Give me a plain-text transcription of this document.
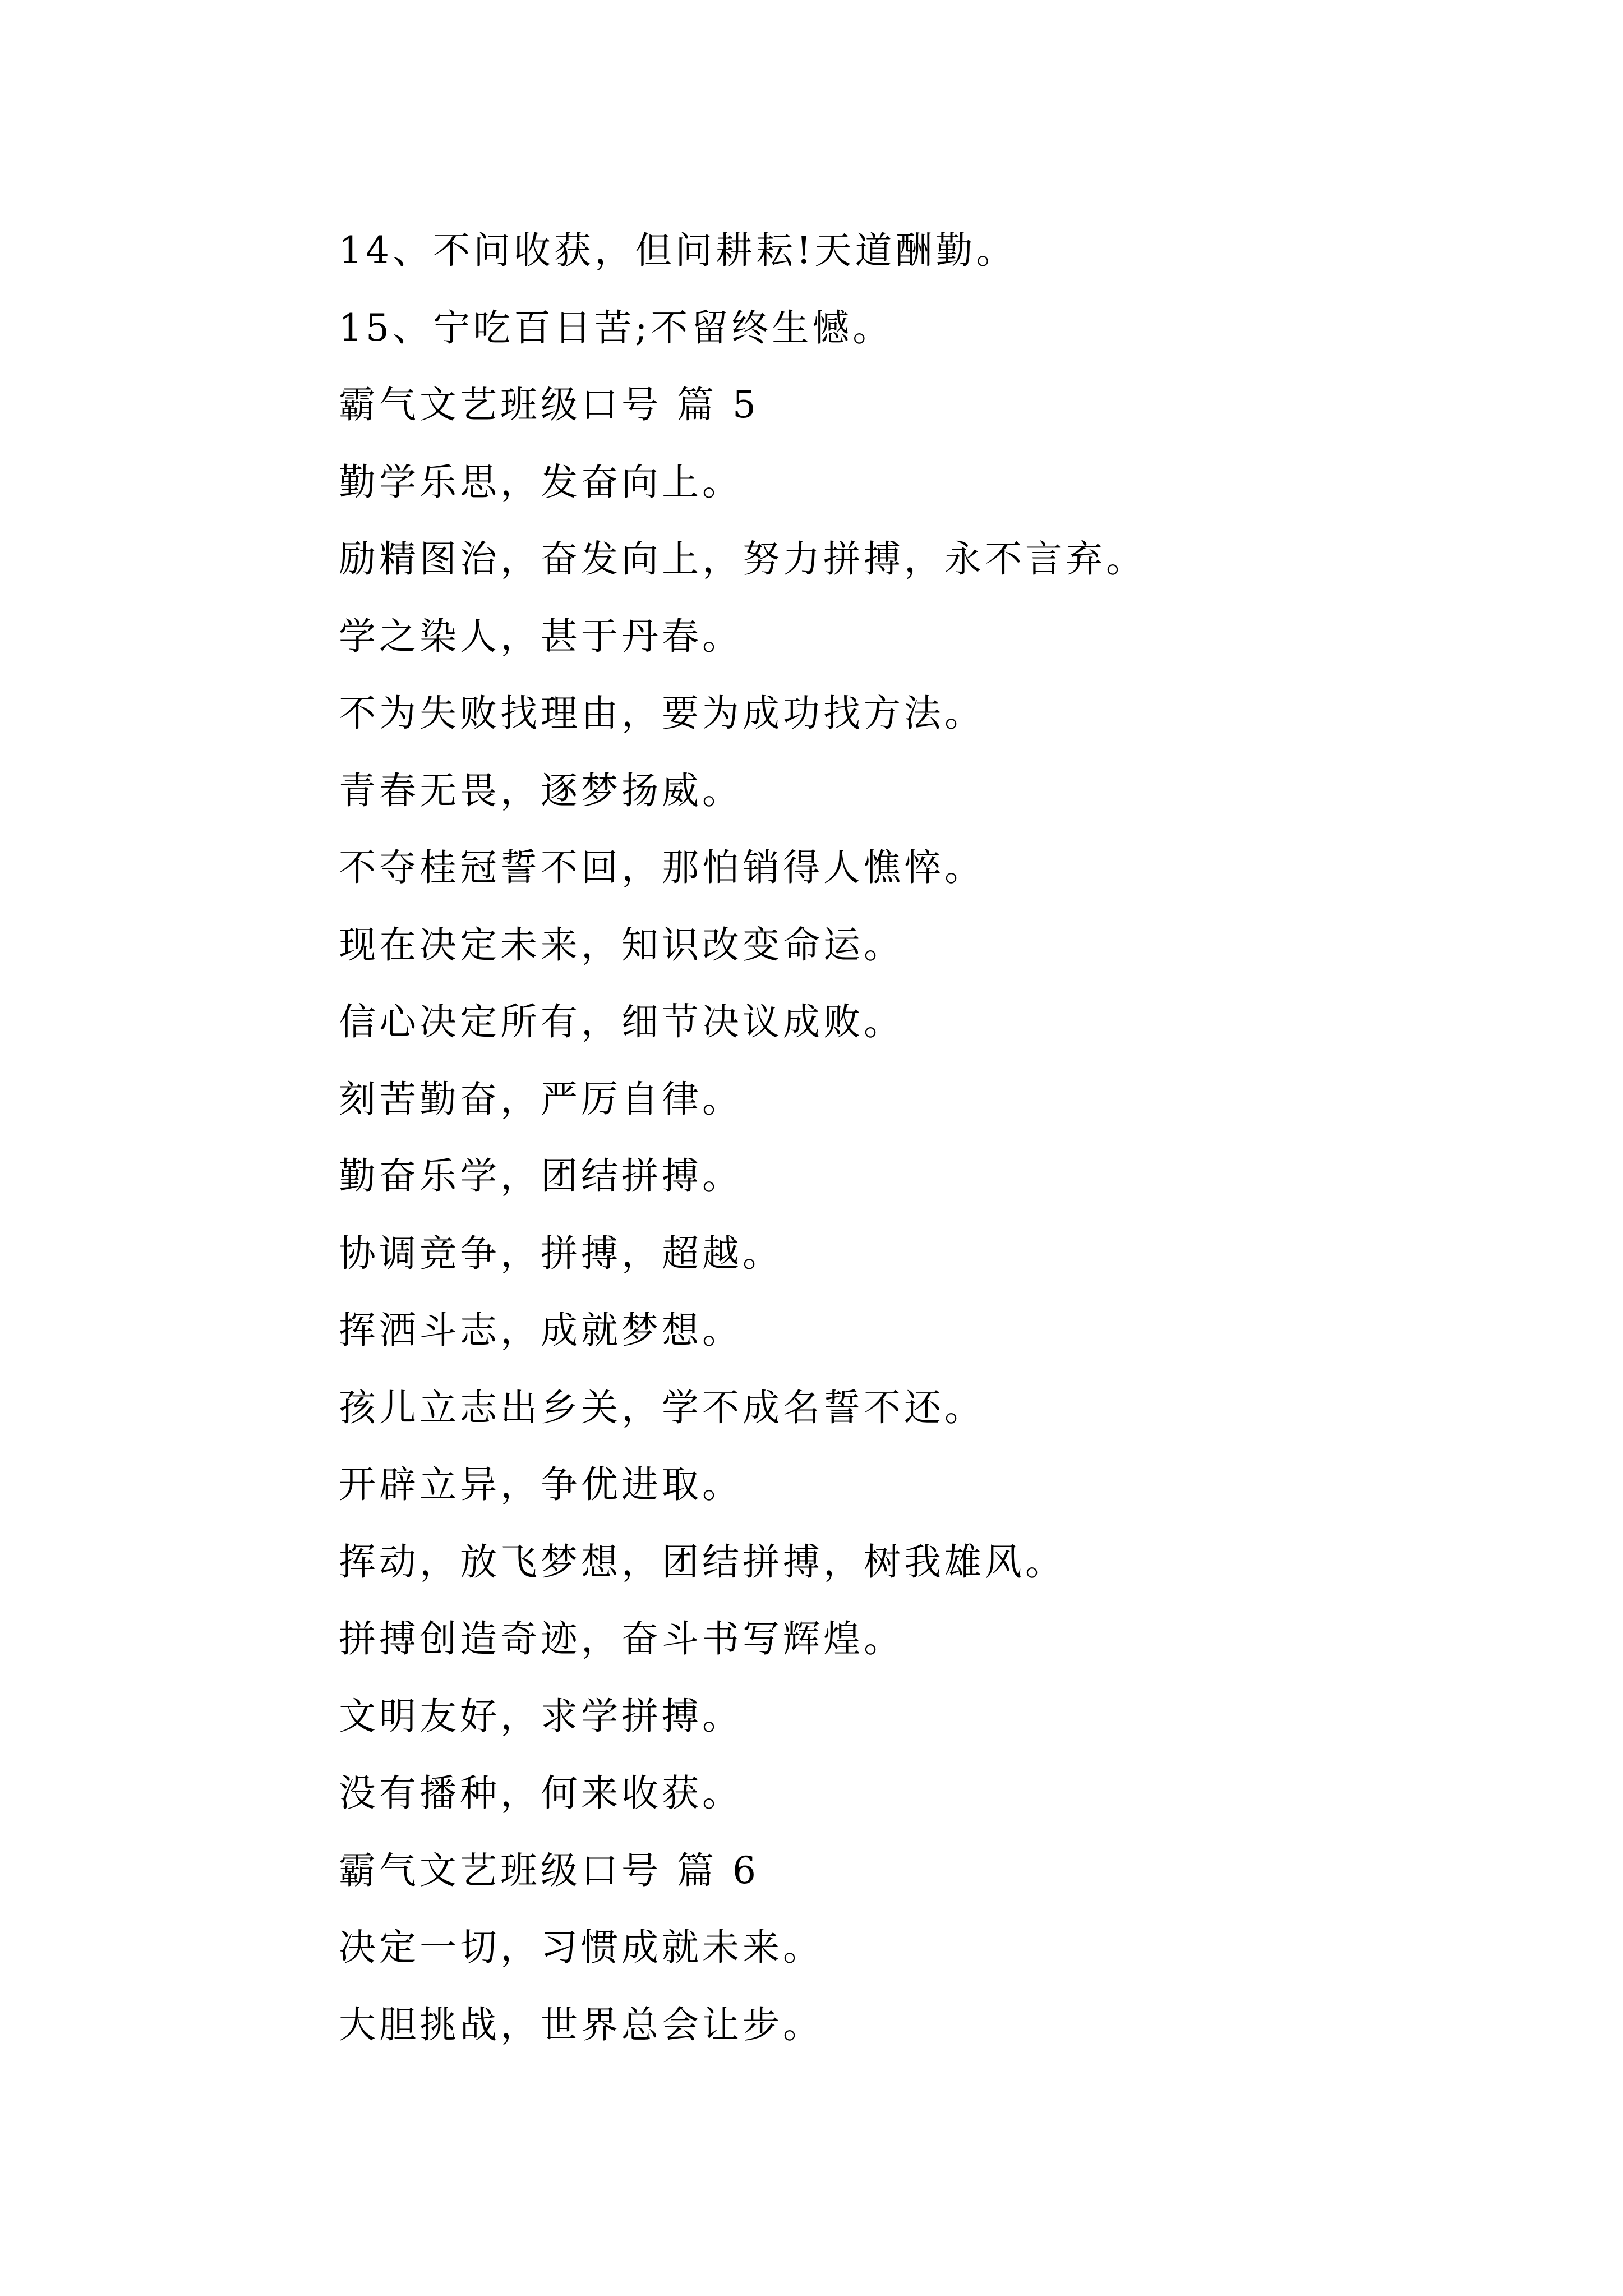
14、不问收获，但问耕耘!天道酬勤。
15、宁吃百日苦;不留终生憾。
霸气文艺班级口号 篇 5
勤学乐思，发奋向上。
励精图治，奋发向上，努力拼搏，永不言弃。
学之染人，甚于丹春。
不为失败找理由，要为成功找方法。
青春无畏，逐梦扬威。
不夺桂冠誓不回，那怕销得人憔悴。
现在决定未来，知识改变命运。
信心决定所有，细节决议成败。
刻苦勤奋，严厉自律。
勤奋乐学，团结拼搏。
协调竞争，拼搏，超越。
挥洒斗志，成就梦想。
孩儿立志出乡关，学不成名誓不还。
开辟立异，争优进取。
挥动，放飞梦想，团结拼搏，树我雄风。
拼搏创造奇迹，奋斗书写辉煌。
文明友好，求学拼搏。
没有播种，何来收获。
霸气文艺班级口号 篇 6
决定一切，习惯成就未来。
大胆挑战，世界总会让步。
